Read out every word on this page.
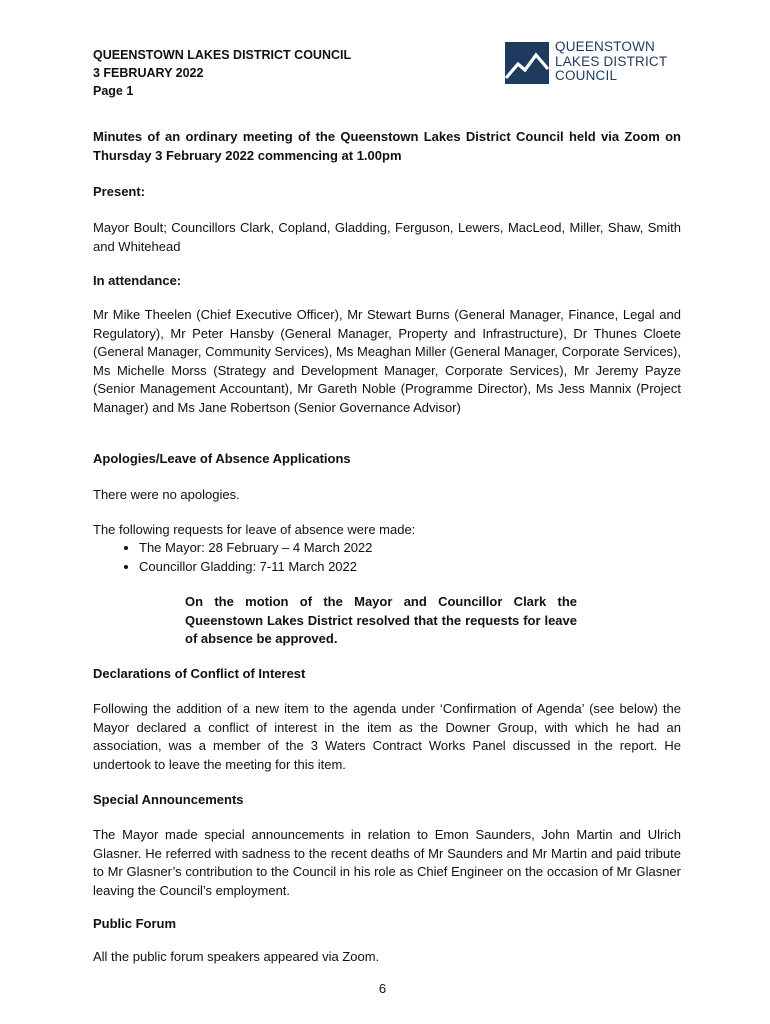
QUEENSTOWN LAKES DISTRICT COUNCIL
3 FEBRUARY 2022
Page 1
QUEENSTOWN
LAKES DISTRICT
COUNCIL
Minutes of an ordinary meeting of the Queenstown Lakes District Council held via Zoom on Thursday 3 February 2022 commencing at 1.00pm
Present:
Mayor Boult; Councillors Clark, Copland, Gladding, Ferguson, Lewers, MacLeod, Miller, Shaw, Smith and Whitehead
In attendance:
Mr Mike Theelen (Chief Executive Officer), Mr Stewart Burns (General Manager, Finance, Legal and Regulatory), Mr Peter Hansby (General Manager, Property and Infrastructure), Dr Thunes Cloete (General Manager, Community Services), Ms Meaghan Miller (General Manager, Corporate Services), Ms Michelle Morss (Strategy and Development Manager, Corporate Services), Mr Jeremy Payze (Senior Management Accountant), Mr Gareth Noble (Programme Director), Ms Jess Mannix (Project Manager) and Ms Jane Robertson (Senior Governance Advisor)
Apologies/Leave of Absence Applications
There were no apologies.
The following requests for leave of absence were made:
• The Mayor: 28 February – 4 March 2022
• Councillor Gladding: 7-11 March 2022
On the motion of the Mayor and Councillor Clark the Queenstown Lakes District resolved that the requests for leave of absence be approved.
Declarations of Conflict of Interest
Following the addition of a new item to the agenda under ‘Confirmation of Agenda’ (see below) the Mayor declared a conflict of interest in the item as the Downer Group, with which he had an association, was a member of the 3 Waters Contract Works Panel discussed in the report. He undertook to leave the meeting for this item.
Special Announcements
The Mayor made special announcements in relation to Emon Saunders, John Martin and Ulrich Glasner. He referred with sadness to the recent deaths of Mr Saunders and Mr Martin and paid tribute to Mr Glasner’s contribution to the Council in his role as Chief Engineer on the occasion of Mr Glasner leaving the Council’s employment.
Public Forum
All the public forum speakers appeared via Zoom.
6
